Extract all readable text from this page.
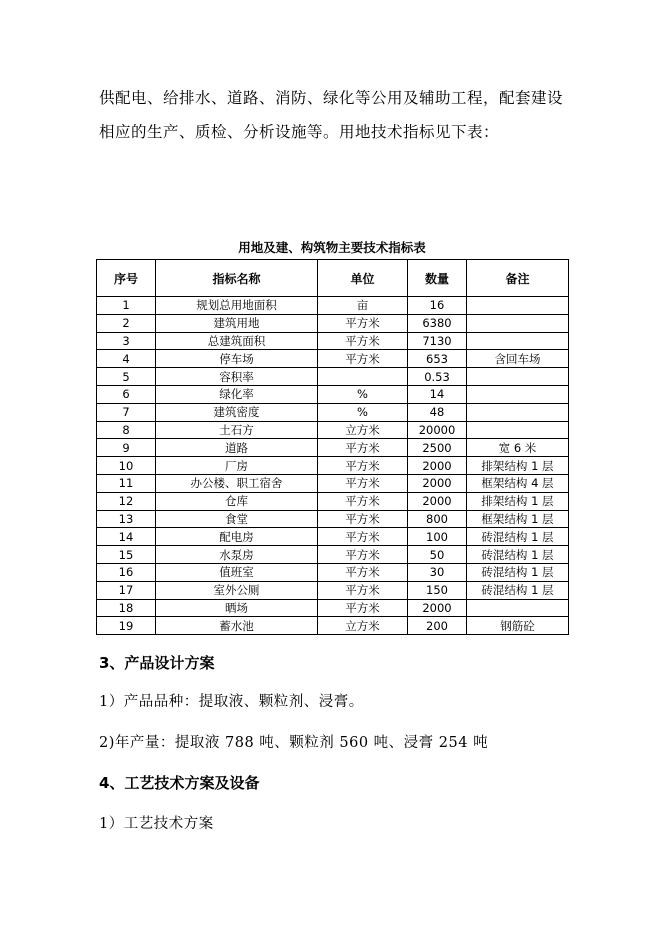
供配电、给排水、道路、消防、绿化等公用及辅助工程，配套建设
相应的生产、质检、分析设施等。用地技术指标见下表：
用地及建、构筑物主要技术指标表
序号	指标名称	单位	数量	备注
1	规划总用地面积	亩	16	
2	建筑用地	平方米	6380	
3	总建筑面积	平方米	7130	
4	停车场	平方米	653	含回车场
5	容积率		0.53	
6	绿化率	%	14	
7	建筑密度	%	48	
8	土石方	立方米	20000	
9	道路	平方米	2500	宽 6 米
10	厂房	平方米	2000	排架结构 1 层
11	办公楼、职工宿舍	平方米	2000	框架结构 4 层
12	仓库	平方米	2000	排架结构 1 层
13	食堂	平方米	800	框架结构 1 层
14	配电房	平方米	100	砖混结构 1 层
15	水泵房	平方米	50	砖混结构 1 层
16	值班室	平方米	30	砖混结构 1 层
17	室外公厕	平方米	150	砖混结构 1 层
18	晒场	平方米	2000	
19	蓄水池	立方米	200	钢筋砼
3、产品设计方案
1）产品品种：提取液、颗粒剂、浸膏。
2)年产量：提取液 788 吨、颗粒剂 560 吨、浸膏 254 吨
4、工艺技术方案及设备
1）工艺技术方案
